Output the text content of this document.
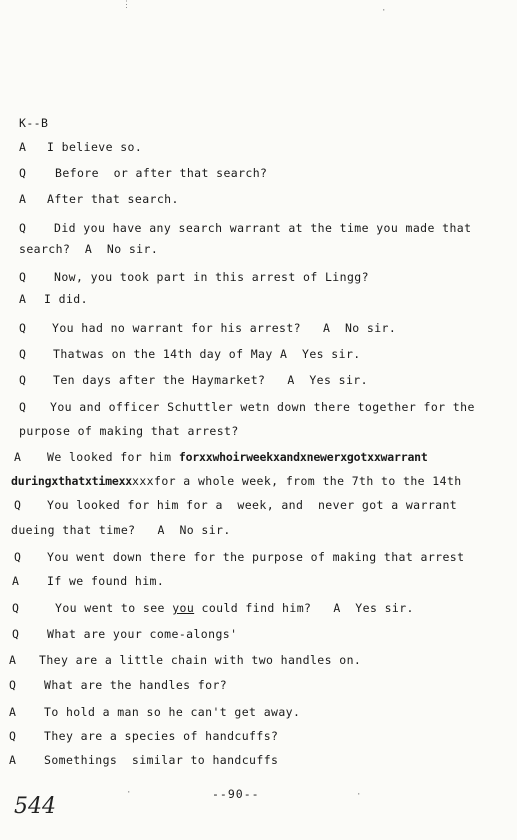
⋮
·
K--B
A I believe so.
Q Before  or after that search?
A After that search.
Q Did you have any search warrant at the time you made that
search?  A  No sir.
Q Now, you took part in this arrest of Lingg?
A I did.
Q You had no warrant for his arrest?   A  No sir.
Q Thatwas on the 14th day of May A  Yes sir.
Q Ten days after the Haymarket?   A  Yes sir.
Q You and officer Schuttler wetn down there together for the
purpose of making that arrest?
A We looked for him forxxwhoirweekxandxnewerxgotxxwarrant
duringxthatxtimexxxxxfor a whole week, from the 7th to the 14th
Q You looked for him for a  week, and  never got a warrant
dueing that time?   A  No sir.
Q You went down there for the purpose of making that arrest
A If we found him.
Q	You went to see you could find him?   A  Yes sir.
Q What are your come-alongs'
A They are a little chain with two handles on.
Q What are the handles for?
A To hold a man so he can't get away.
Q They are a species of handcuffs?
A Somethings  similar to handcuffs
·	·
--90--
544
